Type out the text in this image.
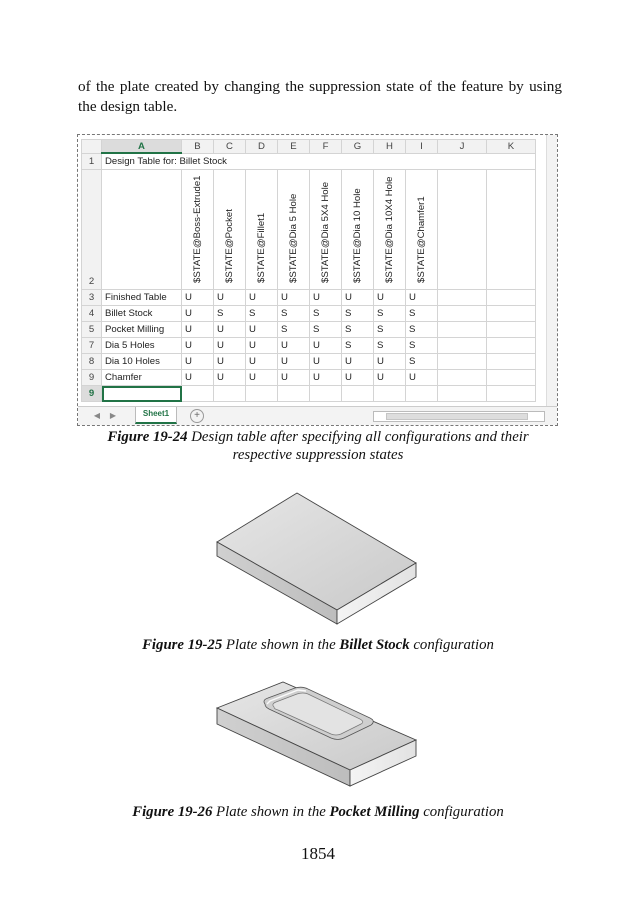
of the plate created by changing the suppression state of the feature by using the design table.
	A	B	C	D	E	F	G	H	I	J	K
1	Design Table for: Billet Stock										
2		$STATE@Boss-Extrude1	$STATE@Pocket	$STATE@Fillet1	$STATE@Dia 5 Hole	$STATE@Dia 5X4 Hole	$STATE@Dia 10 Hole	$STATE@Dia 10X4 Hole	$STATE@Chamfer1		

3	Finished Table	U	U	U	U	U	U	U	U		
4	Billet Stock	U	S	S	S	S	S	S	S		
5	Pocket Milling	U	U	U	S	S	S	S	S		
7	Dia 5 Holes	U	U	U	U	U	S	S	S		
8	Dia 10 Holes	U	U	U	U	U	U	U	S		
9	Chamfer	U	U	U	U	U	U	U	U		
9											
◀ ▶	Sheet1	+
Figure 19-24 Design table after specifying all configurations and their
respective suppression states
Figure 19-25 Plate shown in the Billet Stock configuration
Figure 19-26 Plate shown in the Pocket Milling configuration
1854
